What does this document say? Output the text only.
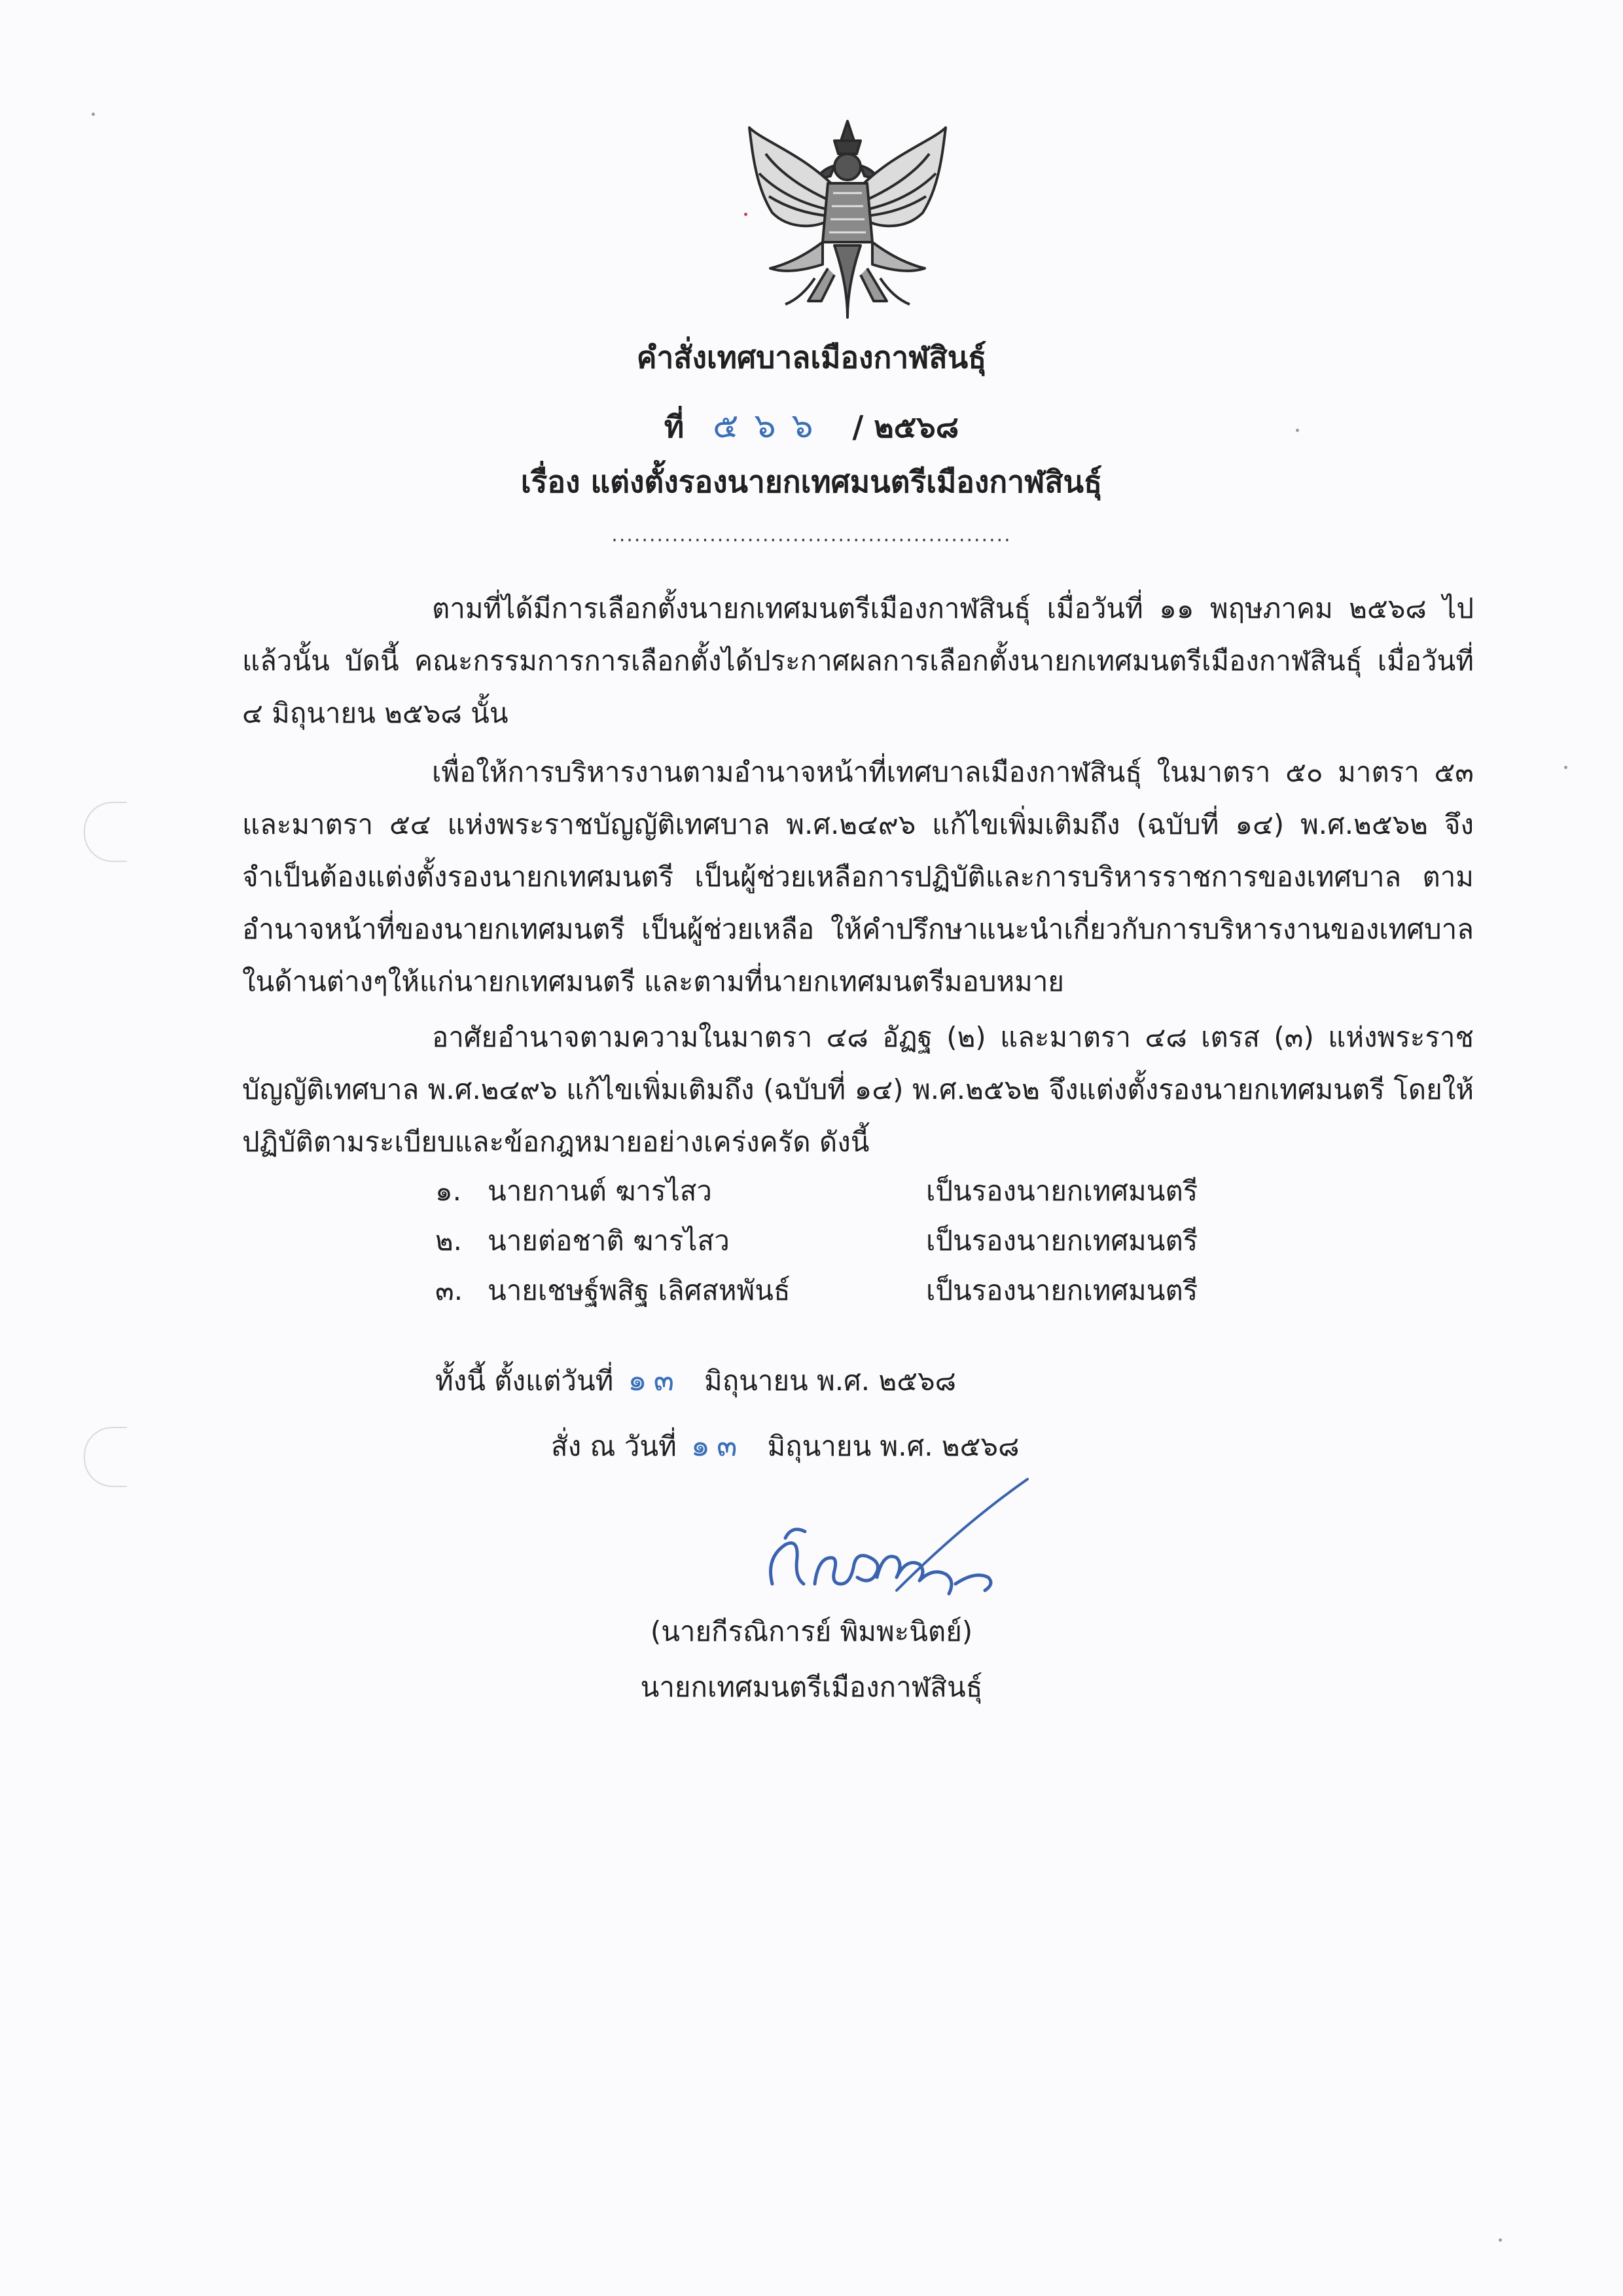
คำสั่งเทศบาลเมืองกาฬสินธุ์
ที่ ๕๖๖ / ๒๕๖๘
เรื่อง แต่งตั้งรองนายกเทศมนตรีเมืองกาฬสินธุ์
.....................................................
ตามที่ได้มีการเลือกตั้งนายกเทศมนตรีเมืองกาฬสินธุ์ เมื่อวันที่ ๑๑ พฤษภาคม ๒๕๖๘ ไปแล้วนั้น บัดนี้ คณะกรรมการการเลือกตั้งได้ประกาศผลการเลือกตั้งนายกเทศมนตรีเมืองกาฬสินธุ์ เมื่อวันที่ ๔ มิถุนายน ๒๕๖๘ นั้น
เพื่อให้การบริหารงานตามอำนาจหน้าที่เทศบาลเมืองกาฬสินธุ์ ในมาตรา ๕๐ มาตรา ๕๓ และมาตรา ๕๔ แห่งพระราชบัญญัติเทศบาล พ.ศ.๒๔๙๖ แก้ไขเพิ่มเติมถึง (ฉบับที่ ๑๔) พ.ศ.๒๕๖๒ จึงจำเป็นต้องแต่งตั้งรองนายกเทศมนตรี เป็นผู้ช่วยเหลือการปฏิบัติและการบริหารราชการของเทศบาล ตามอำนาจหน้าที่ของนายกเทศมนตรี เป็นผู้ช่วยเหลือ ให้คำปรึกษาแนะนำเกี่ยวกับการบริหารงานของเทศบาล ในด้านต่างๆให้แก่นายกเทศมนตรี และตามที่นายกเทศมนตรีมอบหมาย
อาศัยอำนาจตามความในมาตรา ๔๘ อัฏฐ (๒) และมาตรา ๔๘ เตรส (๓) แห่งพระราชบัญญัติเทศบาล พ.ศ.๒๔๙๖ แก้ไขเพิ่มเติมถึง (ฉบับที่ ๑๔) พ.ศ.๒๕๖๒ จึงแต่งตั้งรองนายกเทศมนตรี โดยให้ปฏิบัติตามระเบียบและข้อกฎหมายอย่างเคร่งครัด ดังนี้
๑. นายกานต์ ฆารไสว	เป็นรองนายกเทศมนตรี
๒. นายต่อชาติ ฆารไสว	เป็นรองนายกเทศมนตรี
๓. นายเชษฐ์พสิฐ เลิศสหพันธ์	เป็นรองนายกเทศมนตรี
ทั้งนี้ ตั้งแต่วันที่ ๑๓ มิถุนายน พ.ศ. ๒๕๖๘
สั่ง ณ วันที่ ๑๓ มิถุนายน พ.ศ. ๒๕๖๘
(นายกีรณิการย์ พิมพะนิตย์)
นายกเทศมนตรีเมืองกาฬสินธุ์
